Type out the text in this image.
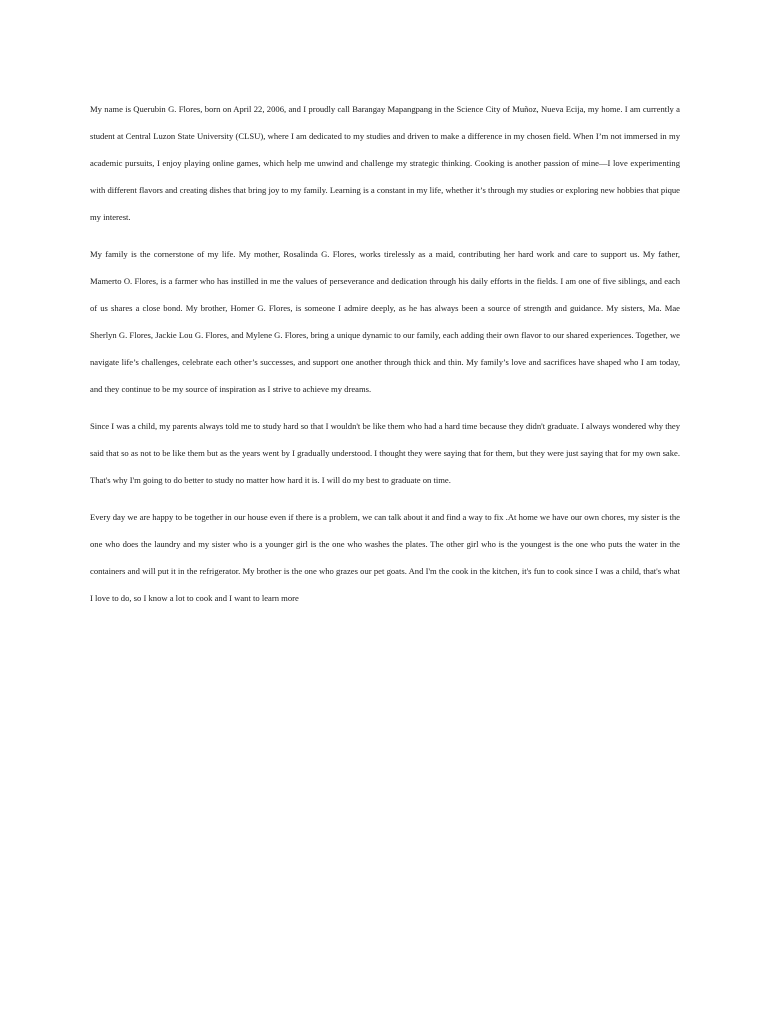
My name is Querubin G. Flores, born on April 22, 2006, and I proudly call Barangay Mapangpang in the Science City of Muñoz, Nueva Ecija, my home. I am currently a student at Central Luzon State University (CLSU), where I am dedicated to my studies and driven to make a difference in my chosen field. When I’m not immersed in my academic pursuits, I enjoy playing online games, which help me unwind and challenge my strategic thinking. Cooking is another passion of mine—I love experimenting with different flavors and creating dishes that bring joy to my family. Learning is a constant in my life, whether it’s through my studies or exploring new hobbies that pique my interest.

My family is the cornerstone of my life. My mother, Rosalinda G. Flores, works tirelessly as a maid, contributing her hard work and care to support us. My father, Mamerto O. Flores, is a farmer who has instilled in me the values of perseverance and dedication through his daily efforts in the fields. I am one of five siblings, and each of us shares a close bond. My brother, Homer G. Flores, is someone I admire deeply, as he has always been a source of strength and guidance. My sisters, Ma. Mae Sherlyn G. Flores, Jackie Lou G. Flores, and Mylene G. Flores, bring a unique dynamic to our family, each adding their own flavor to our shared experiences. Together, we navigate life’s challenges, celebrate each other’s successes, and support one another through thick and thin. My family’s love and sacrifices have shaped who I am today, and they continue to be my source of inspiration as I strive to achieve my dreams.

Since I was a child, my parents always told me to study hard so that I wouldn't be like them who had a hard time because they didn't graduate. I always wondered why they said that so as not to be like them but as the years went by I gradually understood. I thought they were saying that for them, but they were just saying that for my own sake. That's why I'm going to do better to study no matter how hard it is. I will do my best to graduate on time.

Every day we are happy to be together in our house even if there is a problem, we can talk about it and find a way to fix .At home we have our own chores, my sister is the one who does the laundry and my sister who is a younger girl is the one who washes the plates. The other girl who is the youngest is the one who puts the water in the containers and will put it in the refrigerator. My brother is the one who grazes our pet goats. And I'm the cook in the kitchen, it's fun to cook since I was a child, that's what I love to do, so I know a lot to cook and I want to learn more
